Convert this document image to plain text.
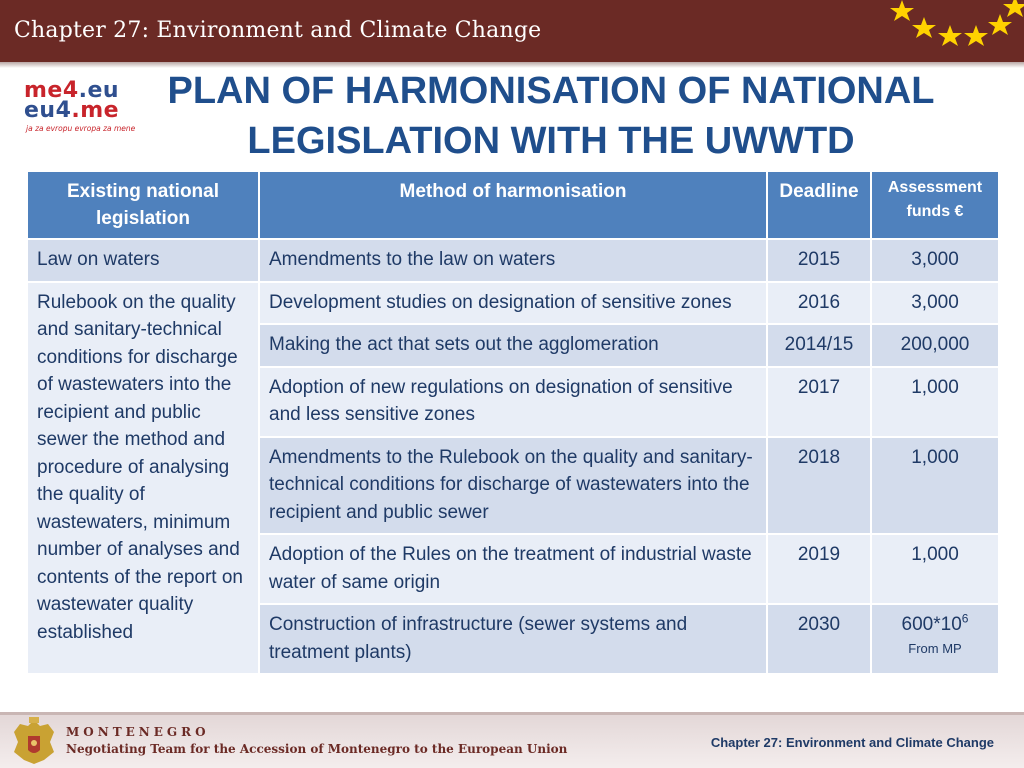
Chapter 27: Environment and Climate Change
me4.eu
eu4.me
ja za evropu evropa za mene
PLAN OF HARMONISATION OF NATIONAL LEGISLATION WITH THE UWWTD
Existing national legislation	Method of harmonisation	Deadline	Assessment funds €
Law on waters	Amendments to the law on waters	2015	3,000
Rulebook on the quality and sanitary-technical conditions for discharge of wastewaters into the recipient and public sewer the method and procedure of analysing the quality of wastewaters, minimum number of analyses and contents of the report on wastewater quality established	Development studies on designation of sensitive zones	2016	3,000
	Making the act that sets out the agglomeration	2014/15	200,000
	Adoption of new regulations on designation of sensitive and less sensitive zones	2017	1,000
	Amendments to the Rulebook on the quality and sanitary-technical conditions for discharge of wastewaters into the recipient and public sewer	2018	1,000
	Adoption of the Rules on the treatment of industrial waste water of same origin	2019	1,000
	Construction of infrastructure (sewer systems and treatment plants)	2030	$600*10^6$
From MP
MONTENEGRO
Negotiating Team for the Accession of Montenegro to the European Union	Chapter 27: Environment and Climate Change
